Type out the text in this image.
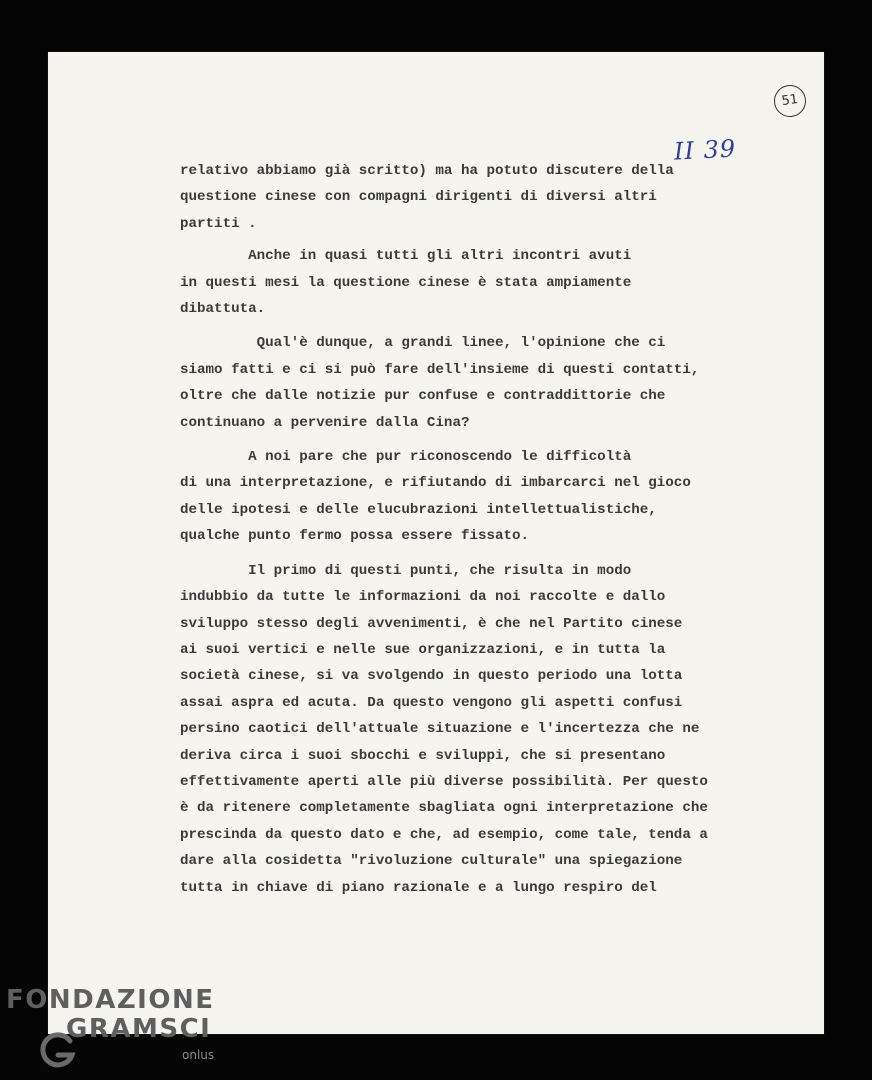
51
II 39

relativo abbiamo già scritto) ma ha potuto discutere della
questione cinese con compagni dirigenti di diversi altri
partiti .

Anche in quasi tutti gli altri incontri avuti
in questi mesi la questione cinese è stata ampiamente
dibattuta.

Qual'è dunque, a grandi linee, l'opinione che ci
siamo fatti e ci si può fare dell'insieme di questi contatti,
oltre che dalle notizie pur confuse e contraddittorie che
continuano a pervenire dalla Cina?

A noi pare che pur riconoscendo le difficoltà
di una interpretazione, e rifiutando di imbarcarci nel gioco
delle ipotesi e delle elucubrazioni intellettualistiche,
qualche punto fermo possa essere fissato.

Il primo di questi punti, che risulta in modo
indubbio da tutte le informazioni da noi raccolte e dallo
sviluppo stesso degli avvenimenti, è che nel Partito cinese
ai suoi vertici e nelle sue organizzazioni, e in tutta la
società cinese, si va svolgendo in questo periodo una lotta
assai aspra ed acuta. Da questo vengono gli aspetti confusi
persino caotici dell'attuale situazione e l'incertezza che ne
deriva circa i suoi sbocchi e sviluppi, che si presentano
effettivamente aperti alle più diverse possibilità. Per questo
è da ritenere completamente sbagliata ogni interpretazione che
prescinda da questo dato e che, ad esempio, come tale, tenda a
dare alla cosidetta "rivoluzione culturale" una spiegazione
tutta in chiave di piano razionale e a lungo respiro del

FONDAZIONE
GRAMSCI
onlus
